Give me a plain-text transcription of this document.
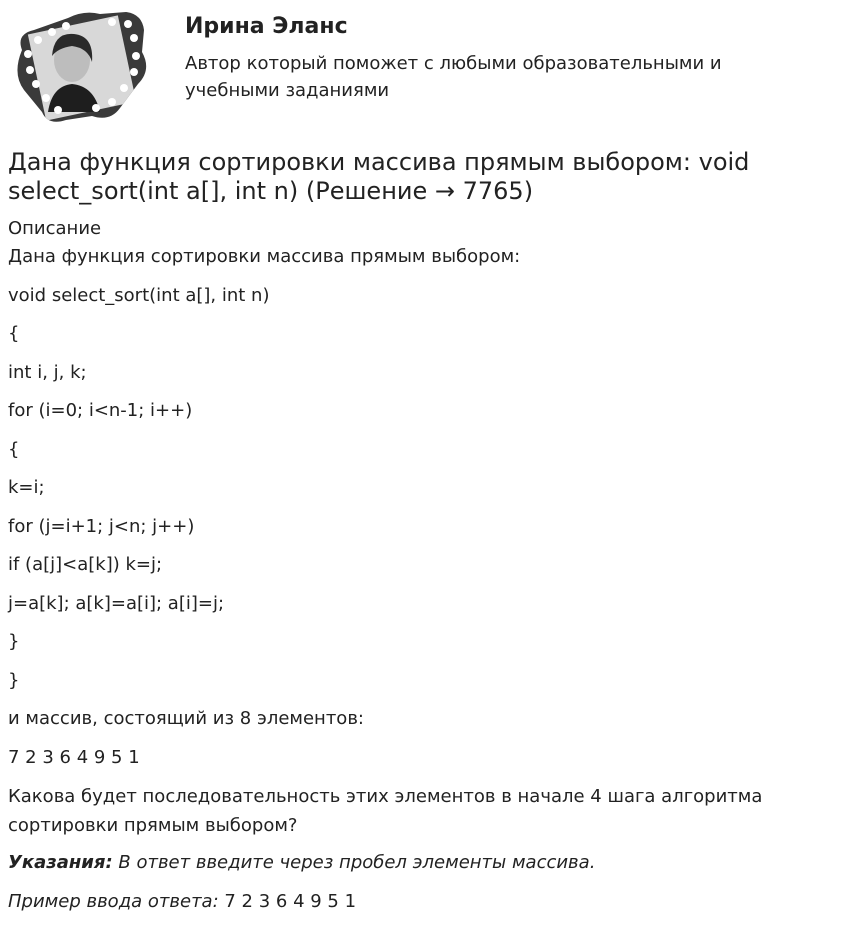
Ирина Эланс

Автор который поможет с любыми образовательными и учебными заданиями

Дана функция сортировки массива прямым выбором: void select_sort(int a[], int n) (Решение → 7765)

Описание

Дана функция сортировки массива прямым выбором:

void select_sort(int a[], int n)

{

int i, j, k;

for (i=0; i<n-1; i++)

{

k=i;

for (j=i+1; j<n; j++)

if (a[j]<a[k]) k=j;

j=a[k]; a[k]=a[i]; a[i]=j;

}

}

и массив, состоящий из 8 элементов:

7 2 3 6 4 9 5 1

Какова будет последовательность этих элементов в начале 4 шага алгоритма сортировки прямым выбором?

Указания: В ответ введите через пробел элементы массива.

Пример ввода ответа: 7 2 3 6 4 9 5 1
